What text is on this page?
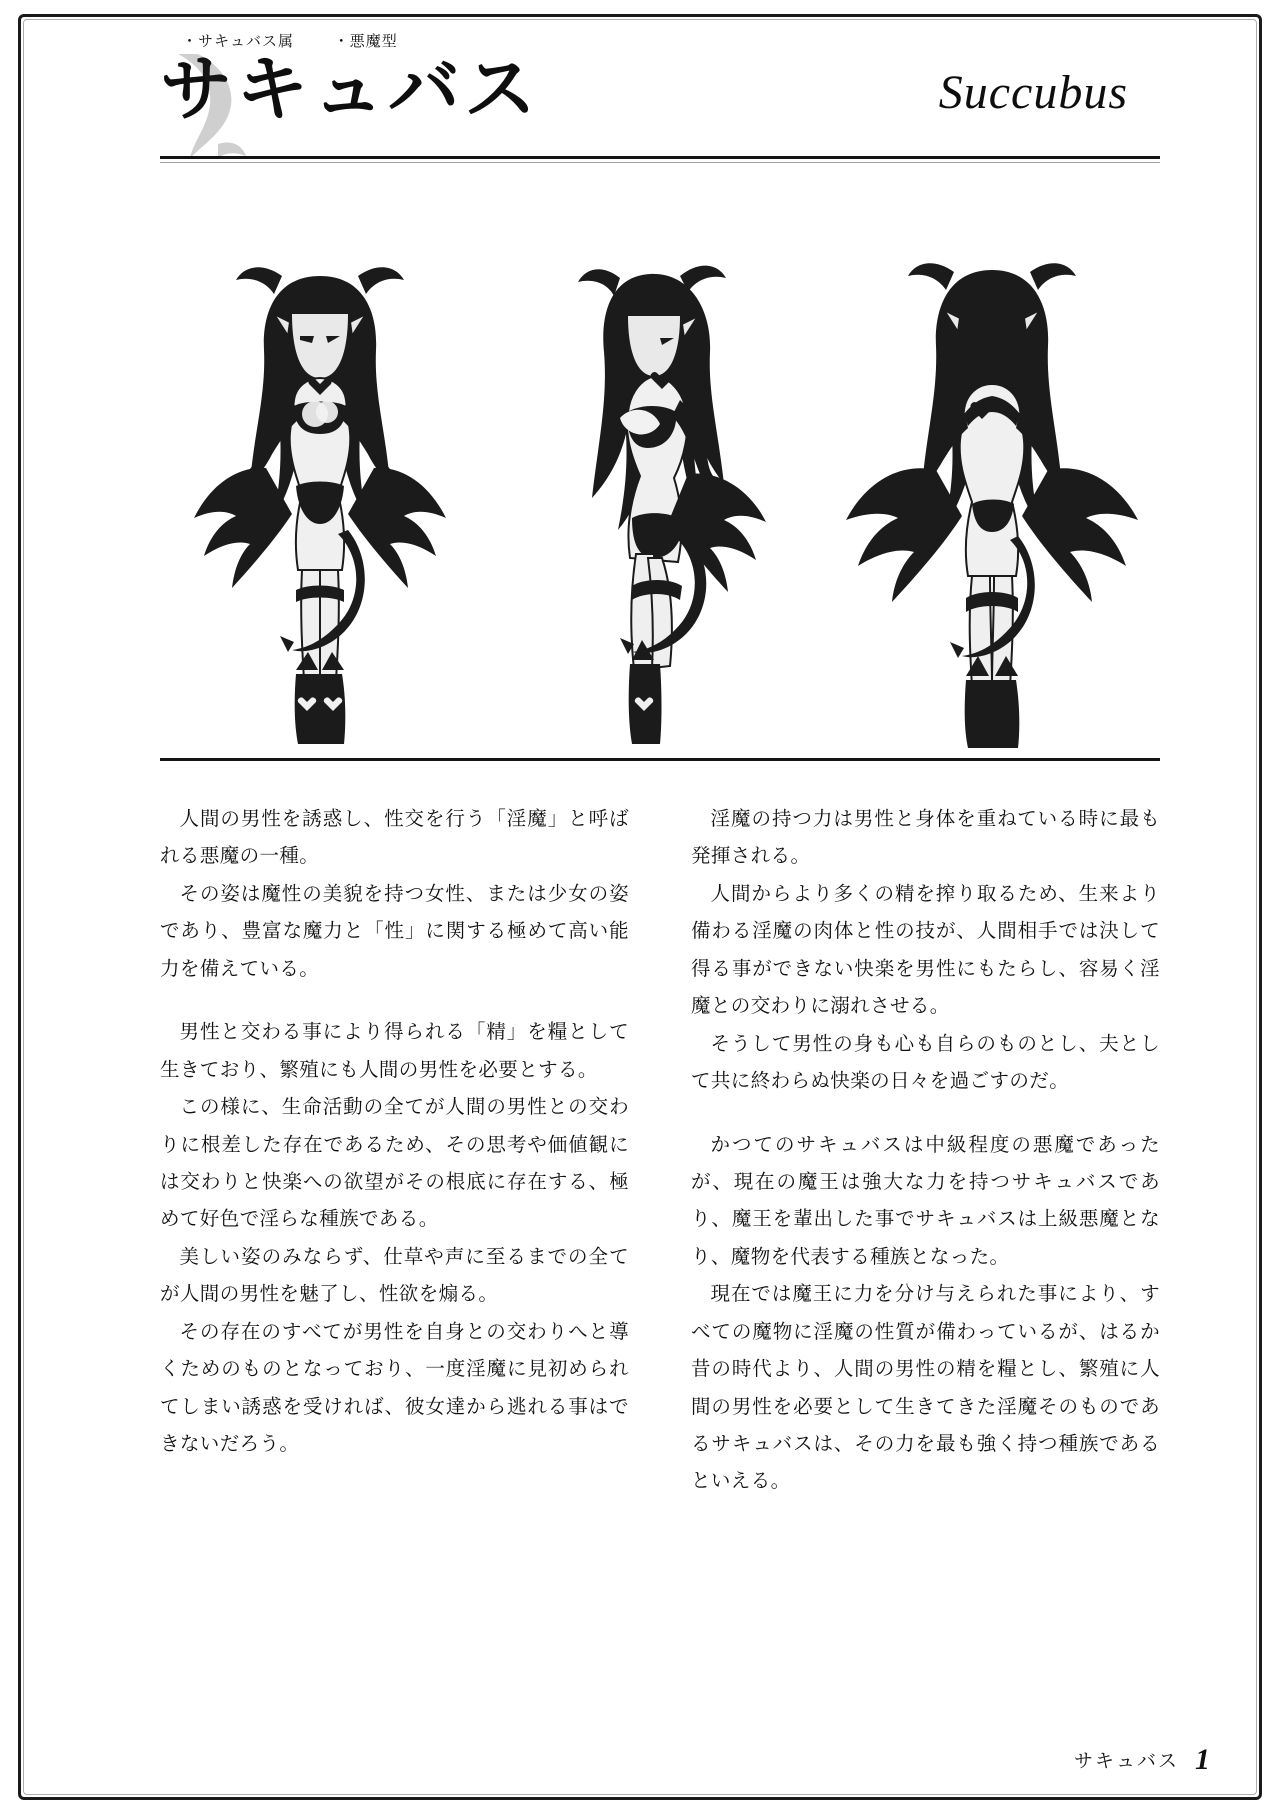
・サキュバス属	・悪魔型
サキュバス	Succubus

人間の男性を誘惑し、性交を行う「淫魔」と呼ばれる悪魔の一種。

その姿は魔性の美貌を持つ女性、または少女の姿であり、豊富な魔力と「性」に関する極めて高い能力を備えている。

男性と交わる事により得られる「精」を糧として生きており、繁殖にも人間の男性を必要とする。

この様に、生命活動の全てが人間の男性との交わりに根差した存在であるため、その思考や価値観には交わりと快楽への欲望がその根底に存在する、極めて好色で淫らな種族である。

美しい姿のみならず、仕草や声に至るまでの全てが人間の男性を魅了し、性欲を煽る。

その存在のすべてが男性を自身との交わりへと導くためのものとなっており、一度淫魔に見初められてしまい誘惑を受ければ、彼女達から逃れる事はできないだろう。

淫魔の持つ力は男性と身体を重ねている時に最も発揮される。

人間からより多くの精を搾り取るため、生来より備わる淫魔の肉体と性の技が、人間相手では決して得る事ができない快楽を男性にもたらし、容易く淫魔との交わりに溺れさせる。

そうして男性の身も心も自らのものとし、夫として共に終わらぬ快楽の日々を過ごすのだ。

かつてのサキュバスは中級程度の悪魔であったが、現在の魔王は強大な力を持つサキュバスであり、魔王を輩出した事でサキュバスは上級悪魔となり、魔物を代表する種族となった。

現在では魔王に力を分け与えられた事により、すべての魔物に淫魔の性質が備わっているが、はるか昔の時代より、人間の男性の精を糧とし、繁殖に人間の男性を必要として生きてきた淫魔そのものであるサキュバスは、その力を最も強く持つ種族であるといえる。

サキュバス 1
